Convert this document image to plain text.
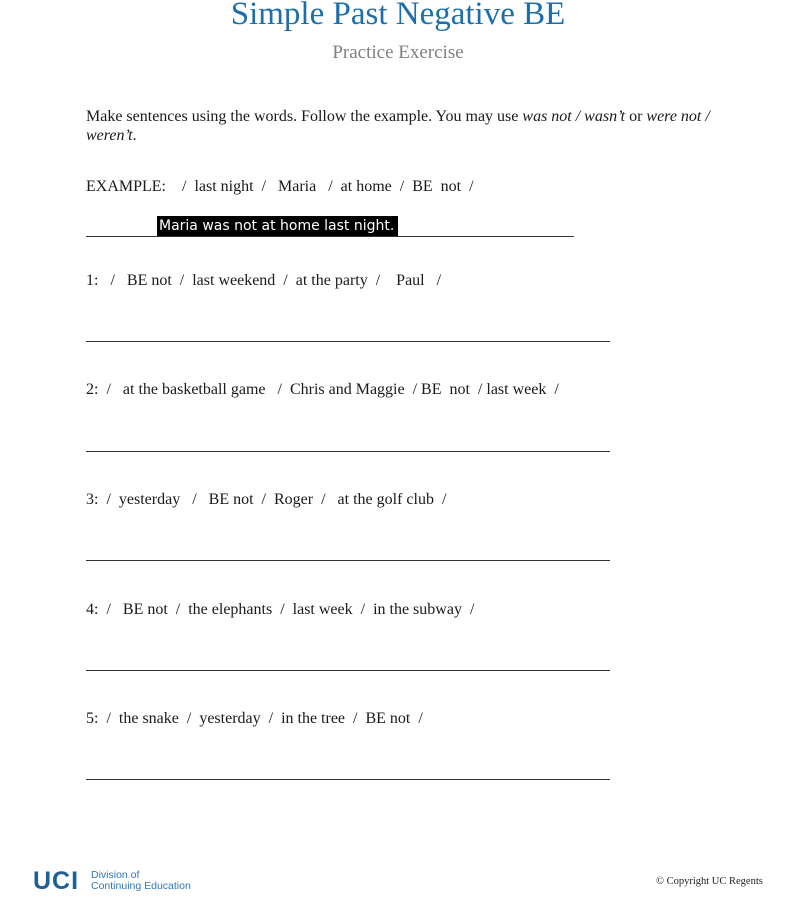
Simple Past Negative BE
Practice Exercise
Make sentences using the words. Follow the example. You may use was not / wasn’t or were not / weren’t.
EXAMPLE:    /  last night  /   Maria   /  at home  /  BE  not  /
Maria was not at home last night.
1:   /   BE not  /  last weekend  /  at the party  /    Paul   /
2:  /   at the basketball game   /  Chris and Maggie  / BE  not  / last week  /
3:  /  yesterday   /   BE not  /  Roger  /   at the golf club  /
4:  /   BE not  /  the elephants  /  last week  /  in the subway  /
5:  /  the snake  /  yesterday  /  in the tree  /  BE not  /
UCI Division of
Continuing Education	© Copyright UC Regents
